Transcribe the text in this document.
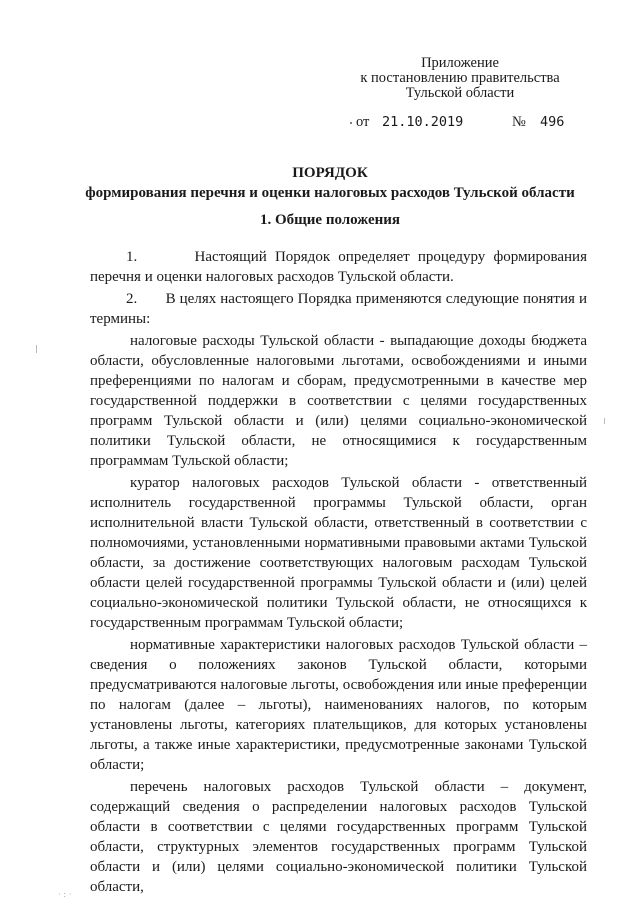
Приложение
к постановлению правительства
Тульской области
от 21.10.2019	№ 496
ПОРЯДОК
формирования перечня и оценки налоговых расходов Тульской области
1. Общие положения

1.       Настоящий Порядок определяет процедуру формирования перечня и оценки налоговых расходов Тульской области.

2.       В целях настоящего Порядка применяются следующие понятия и термины:

налоговые расходы Тульской области - выпадающие доходы бюджета области, обусловленные налоговыми льготами, освобождениями и иными преференциями по налогам и сборам, предусмотренными в качестве мер государственной поддержки в соответствии с целями государственных программ Тульской области и (или) целями социально-экономической политики Тульской области, не относящимися к государственным программам Тульской области;

куратор налоговых расходов Тульской области - ответственный исполнитель государственной программы Тульской области, орган исполнительной власти Тульской области, ответственный в соответствии с полномочиями, установленными нормативными правовыми актами Тульской области, за достижение соответствующих налоговым расходам Тульской области целей государственной программы Тульской области и (или) целей социально-экономической политики Тульской области, не относящихся к государственным программам Тульской области;

нормативные характеристики налоговых расходов Тульской области – сведения о положениях законов Тульской области, которыми предусматриваются налоговые льготы, освобождения или иные преференции по налогам (далее – льготы), наименованиях налогов, по которым установлены льготы, категориях плательщиков, для которых установлены льготы, а также иные характеристики, предусмотренные законами Тульской области;

перечень налоговых расходов Тульской области – документ, содержащий сведения о распределении налоговых расходов Тульской области в соответствии с целями государственных программ Тульской области, структурных элементов государственных программ Тульской области и (или) целями социально-экономической политики Тульской области,

·:·
